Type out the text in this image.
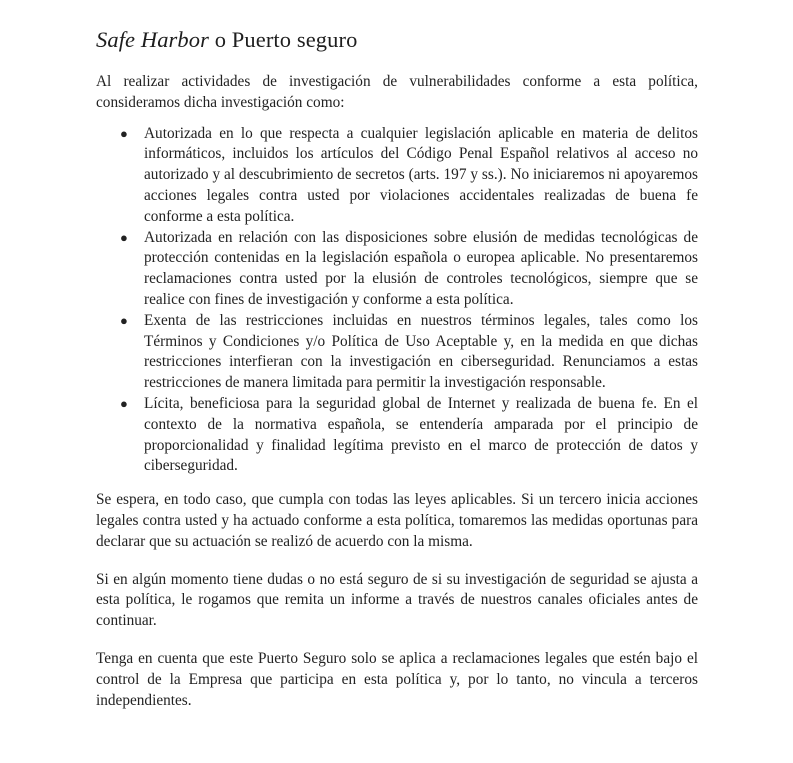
Safe Harbor o Puerto seguro

Al realizar actividades de investigación de vulnerabilidades conforme a esta política, consideramos dicha investigación como:

● Autorizada en lo que respecta a cualquier legislación aplicable en materia de delitos informáticos, incluidos los artículos del Código Penal Español relativos al acceso no autorizado y al descubrimiento de secretos (arts. 197 y ss.). No iniciaremos ni apoyaremos acciones legales contra usted por violaciones accidentales realizadas de buena fe conforme a esta política.
● Autorizada en relación con las disposiciones sobre elusión de medidas tecnológicas de protección contenidas en la legislación española o europea aplicable. No presentaremos reclamaciones contra usted por la elusión de controles tecnológicos, siempre que se realice con fines de investigación y conforme a esta política.
● Exenta de las restricciones incluidas en nuestros términos legales, tales como los Términos y Condiciones y/o Política de Uso Aceptable y, en la medida en que dichas restricciones interfieran con la investigación en ciberseguridad. Renunciamos a estas restricciones de manera limitada para permitir la investigación responsable.
● Lícita, beneficiosa para la seguridad global de Internet y realizada de buena fe. En el contexto de la normativa española, se entendería amparada por el principio de proporcionalidad y finalidad legítima previsto en el marco de protección de datos y ciberseguridad.

Se espera, en todo caso, que cumpla con todas las leyes aplicables. Si un tercero inicia acciones legales contra usted y ha actuado conforme a esta política, tomaremos las medidas oportunas para declarar que su actuación se realizó de acuerdo con la misma.

Si en algún momento tiene dudas o no está seguro de si su investigación de seguridad se ajusta a esta política, le rogamos que remita un informe a través de nuestros canales oficiales antes de continuar.

Tenga en cuenta que este Puerto Seguro solo se aplica a reclamaciones legales que estén bajo el control de la Empresa que participa en esta política y, por lo tanto, no vincula a terceros independientes.
